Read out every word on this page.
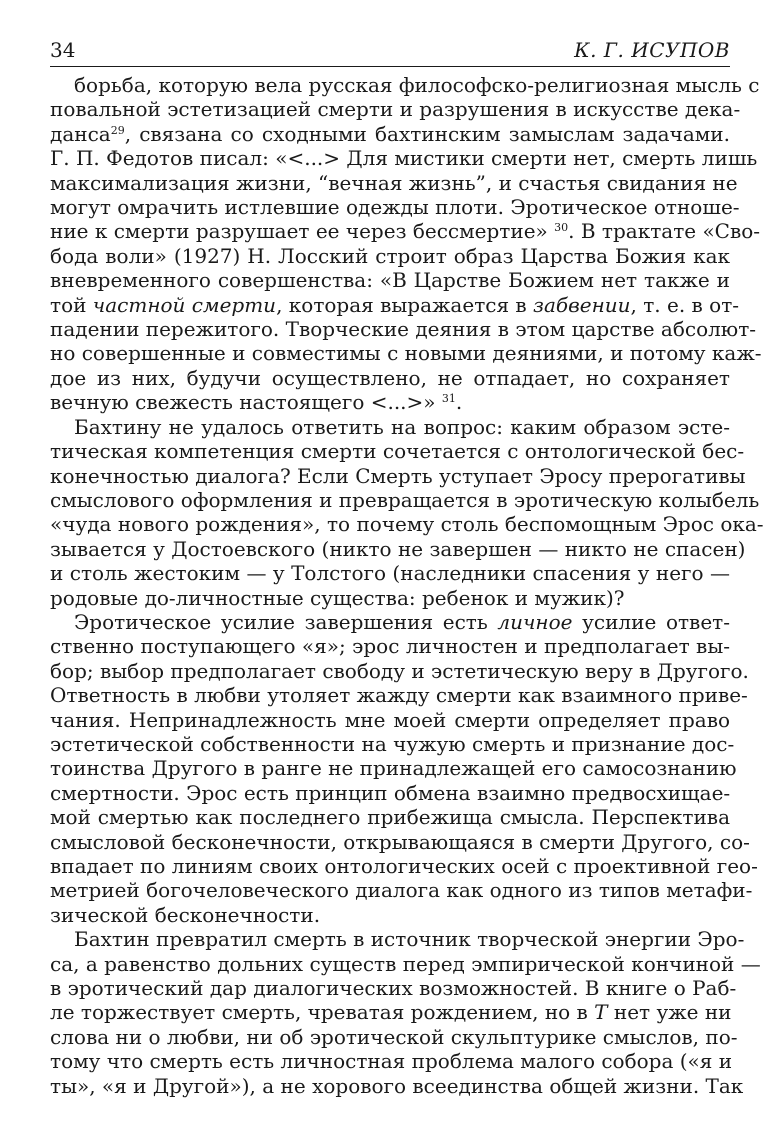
34	К. Г. ИСУПОВ
борьба, которую вела русская философско-религиозная мысль с
повальной эстетизацией смерти и разрушения в искусстве дека-
данса$^{29}$, связана со сходными бахтинским замыслам задачами.
Г. П. Федотов писал: «<...> Для мистики смерти нет, смерть лишь
максимализация жизни, “вечная жизнь”, и счастья свидания не
могут омрачить истлевшие одежды плоти. Эротическое отноше-
ние к смерти разрушает ее через бессмертие» $^{30}$. В трактате «Сво-
бода воли» (1927) Н. Лосский строит образ Царства Божия как
вневременного совершенства: «В Царстве Божием нет также и
той частной смерти, которая выражается в забвении, т. е. в от-
падении пережитого. Творческие деяния в этом царстве абсолют-
но совершенные и совместимы с новыми деяниями, и потому каж-
дое из них, будучи осуществлено, не отпадает, но сохраняет
вечную свежесть настоящего <...>» $^{31}$.
Бахтину не удалось ответить на вопрос: каким образом эсте-
тическая компетенция смерти сочетается с онтологической бес-
конечностью диалога? Если Смерть уступает Эросу прерогативы
смыслового оформления и превращается в эротическую колыбель
«чуда нового рождения», то почему столь беспомощным Эрос ока-
зывается у Достоевского (никто не завершен — никто не спасен)
и столь жестоким — у Толстого (наследники спасения у него —
родовые до-личностные существа: ребенок и мужик)?
Эротическое усилие завершения есть личное усилие ответ-
ственно поступающего «я»; эрос личностен и предполагает вы-
бор; выбор предполагает свободу и эстетическую веру в Другого.
Ответность в любви утоляет жажду смерти как взаимного приве-
чания. Непринадлежность мне моей смерти определяет право
эстетической собственности на чужую смерть и признание дос-
тоинства Другого в ранге не принадлежащей его самосознанию
смертности. Эрос есть принцип обмена взаимно предвосхищае-
мой смертью как последнего прибежища смысла. Перспектива
смысловой бесконечности, открывающаяся в смерти Другого, со-
впадает по линиям своих онтологических осей с проективной гео-
метрией богочеловеческого диалога как одного из типов метафи-
зической бесконечности.
Бахтин превратил смерть в источник творческой энергии Эро-
са, а равенство дольних существ перед эмпирической кончиной —
в эротический дар диалогических возможностей. В книге о Раб-
ле торжествует смерть, чреватая рождением, но в Т нет уже ни
слова ни о любви, ни об эротической скульптурике смыслов, по-
тому что смерть есть личностная проблема малого собора («я и
ты», «я и Другой»), а не хорового всеединства общей жизни. Так
